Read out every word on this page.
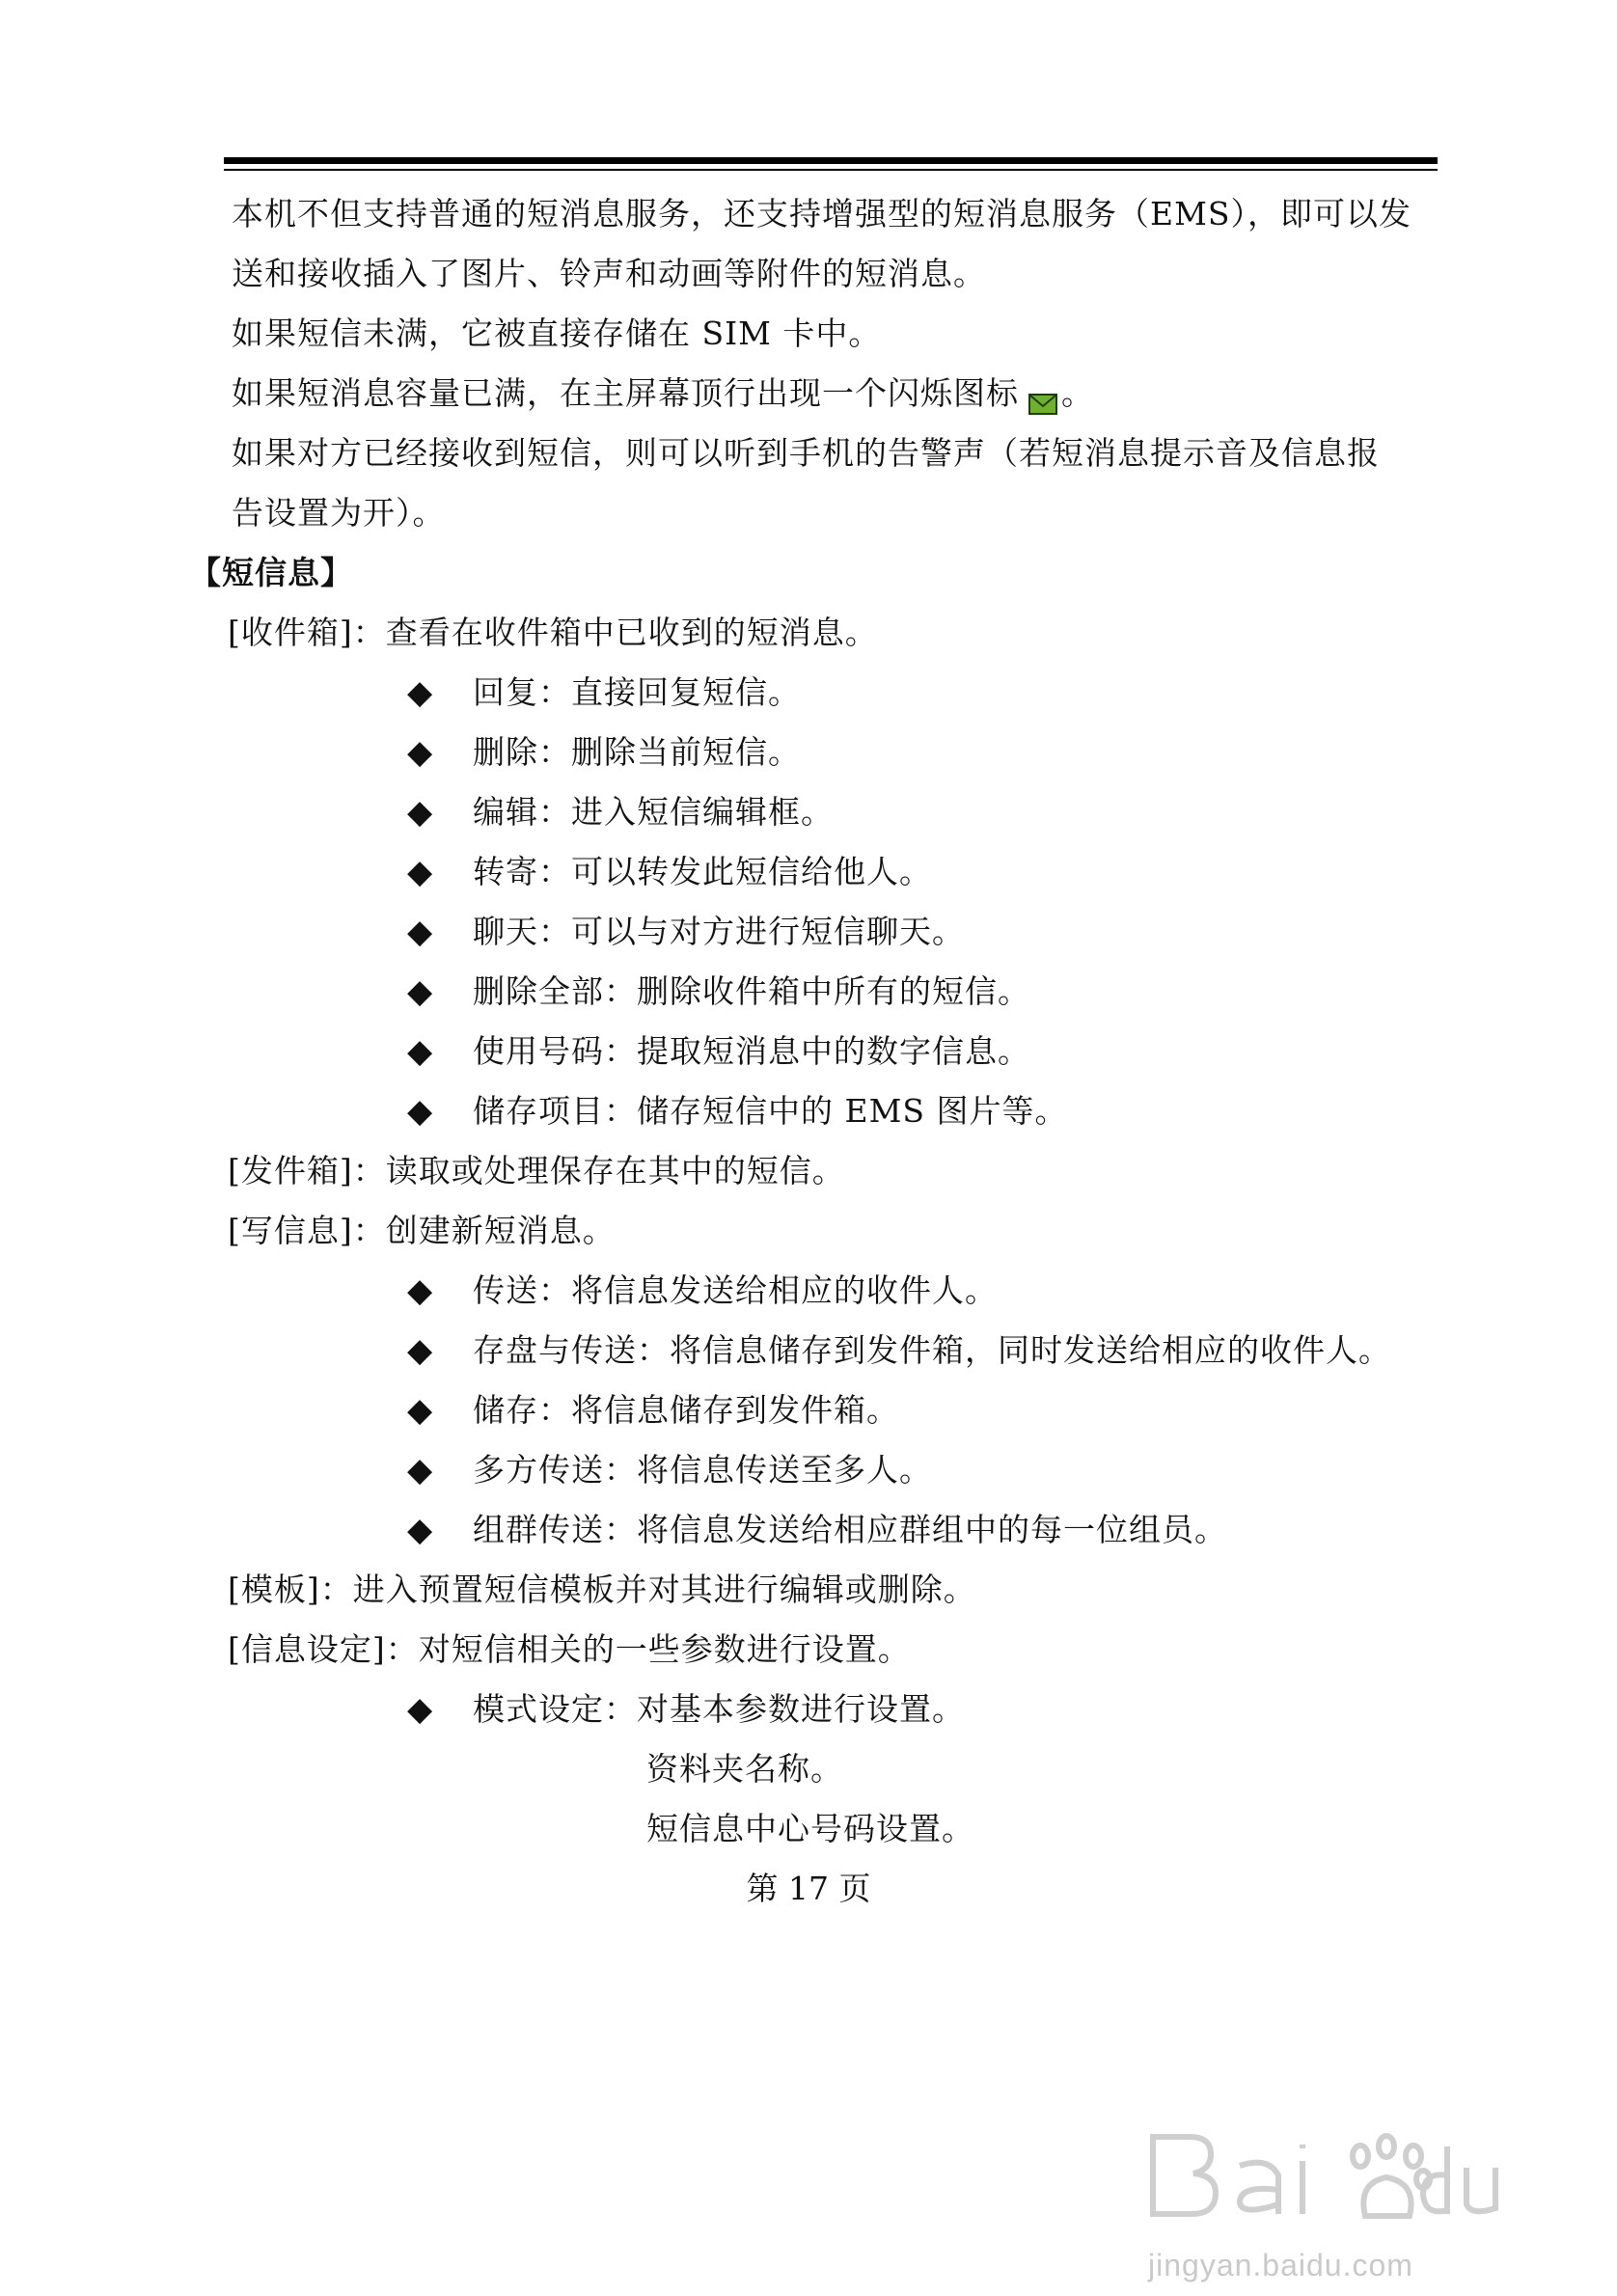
本机不但支持普通的短消息服务，还支持增强型的短消息服务（EMS），即可以发
送和接收插入了图片、铃声和动画等附件的短消息。
如果短信未满，它被直接存储在 SIM 卡中。
如果短消息容量已满，在主屏幕顶行出现一个闪烁图标 。
如果对方已经接收到短信，则可以听到手机的告警声（若短消息提示音及信息报
告设置为开）。
【短信息】
[收件箱]：查看在收件箱中已收到的短消息。
◆ 回复：直接回复短信。
◆ 删除：删除当前短信。
◆ 编辑：进入短信编辑框。
◆ 转寄：可以转发此短信给他人。
◆ 聊天：可以与对方进行短信聊天。
◆ 删除全部：删除收件箱中所有的短信。
◆ 使用号码：提取短消息中的数字信息。
◆ 储存项目：储存短信中的 EMS 图片等。
[发件箱]：读取或处理保存在其中的短信。
[写信息]：创建新短消息。
◆ 传送：将信息发送给相应的收件人。
◆ 存盘与传送：将信息储存到发件箱，同时发送给相应的收件人。
◆ 储存：将信息储存到发件箱。
◆ 多方传送：将信息传送至多人。
◆ 组群传送：将信息发送给相应群组中的每一位组员。
[模板]：进入预置短信模板并对其进行编辑或删除。
[信息设定]：对短信相关的一些参数进行设置。
◆ 模式设定：对基本参数进行设置。
资料夹名称。
短信息中心号码设置。
第 17 页
jingyan.baidu.com
